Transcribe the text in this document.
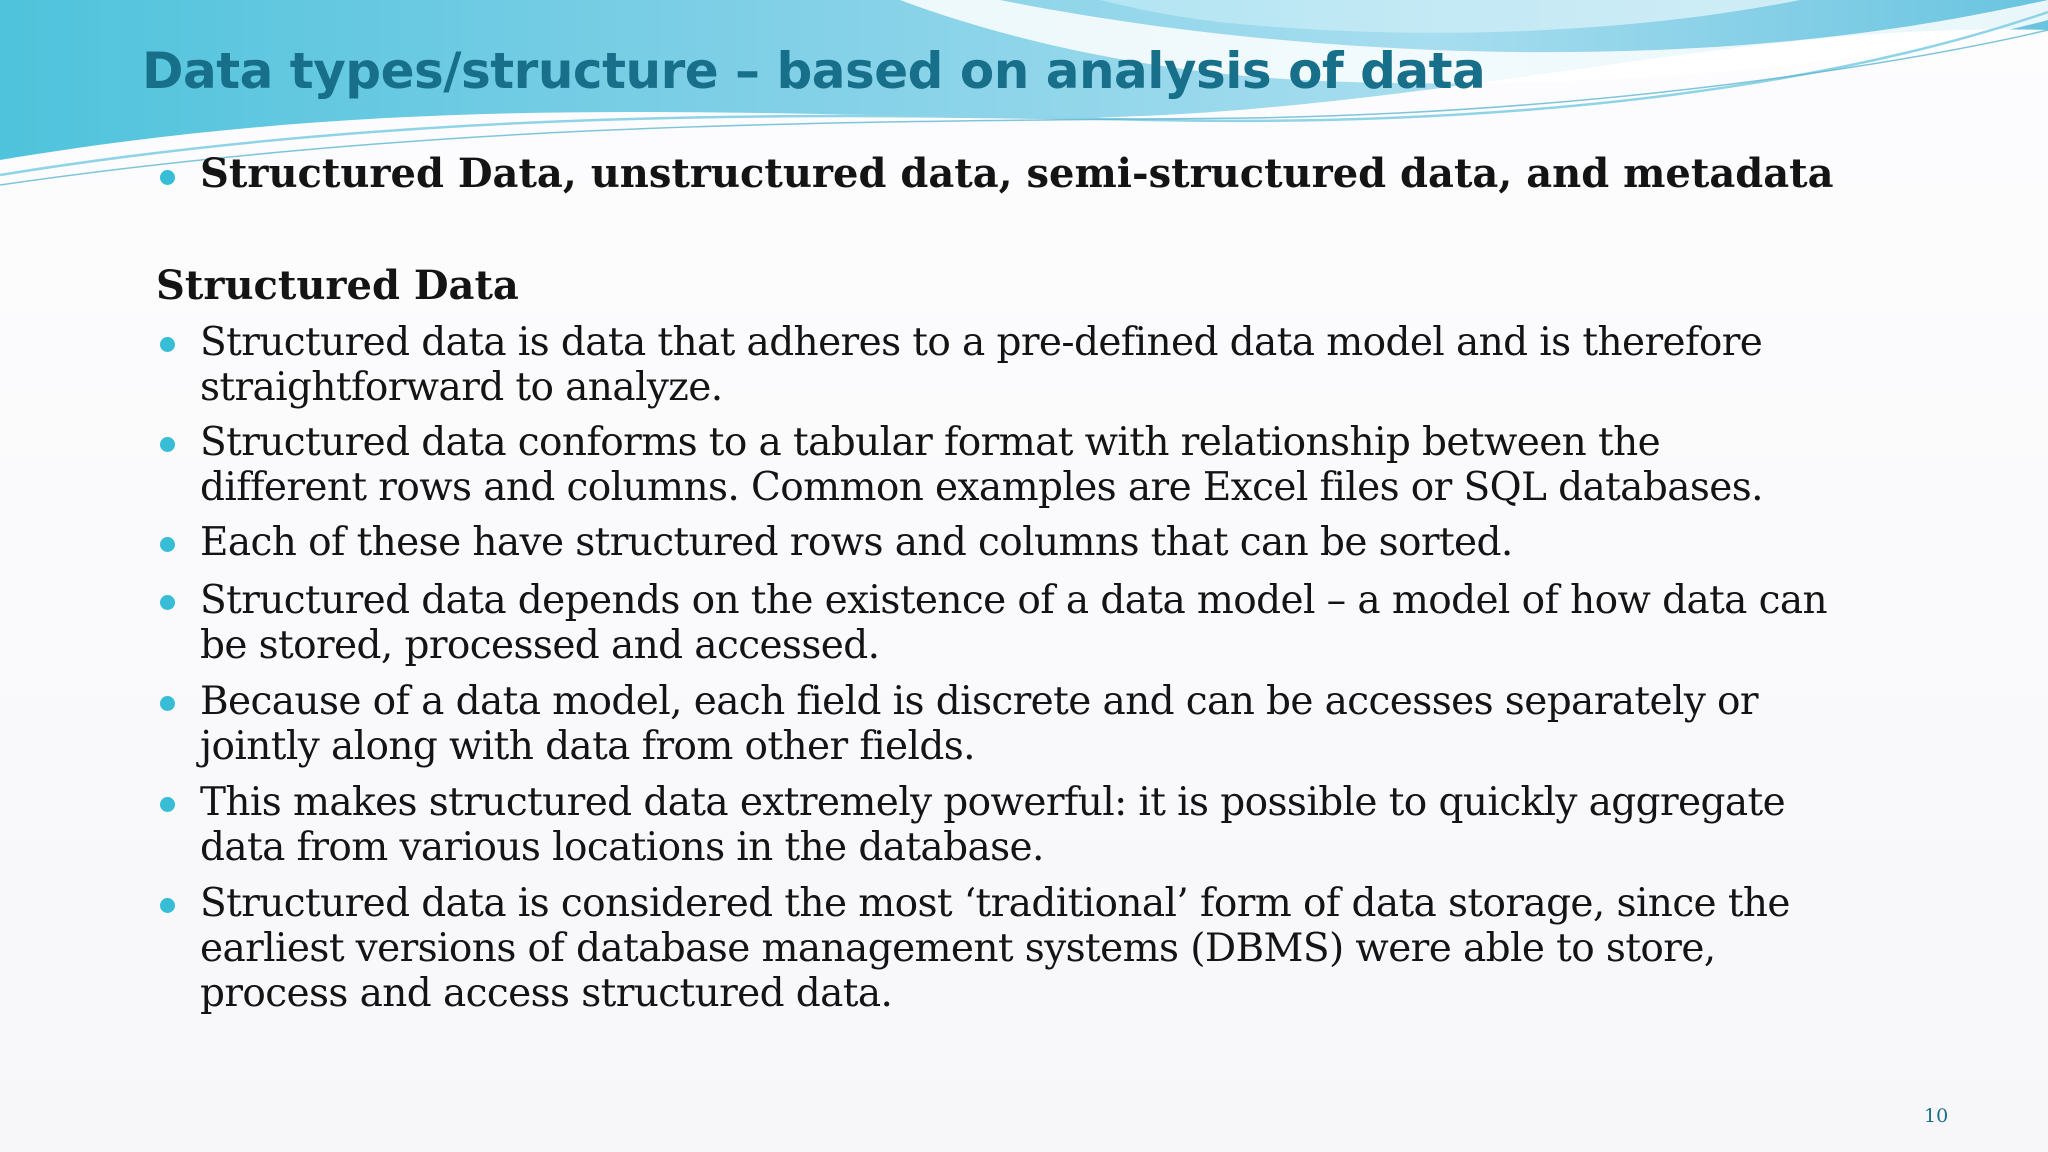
Data types/structure – based on analysis of data
Structured Data, unstructured data, semi-structured data, and metadata
Structured Data
Structured data is data that adheres to a pre-defined data model and is therefore
straightforward to analyze.
Structured data conforms to a tabular format with relationship between the
different rows and columns. Common examples are Excel files or SQL databases.
Each of these have structured rows and columns that can be sorted.
Structured data depends on the existence of a data model – a model of how data can
be stored, processed and accessed.
Because of a data model, each field is discrete and can be accesses separately or
jointly along with data from other fields.
This makes structured data extremely powerful: it is possible to quickly aggregate
data from various locations in the database.
Structured data is considered the most ‘traditional’ form of data storage, since the
earliest versions of database management systems (DBMS) were able to store,
process and access structured data.
10
